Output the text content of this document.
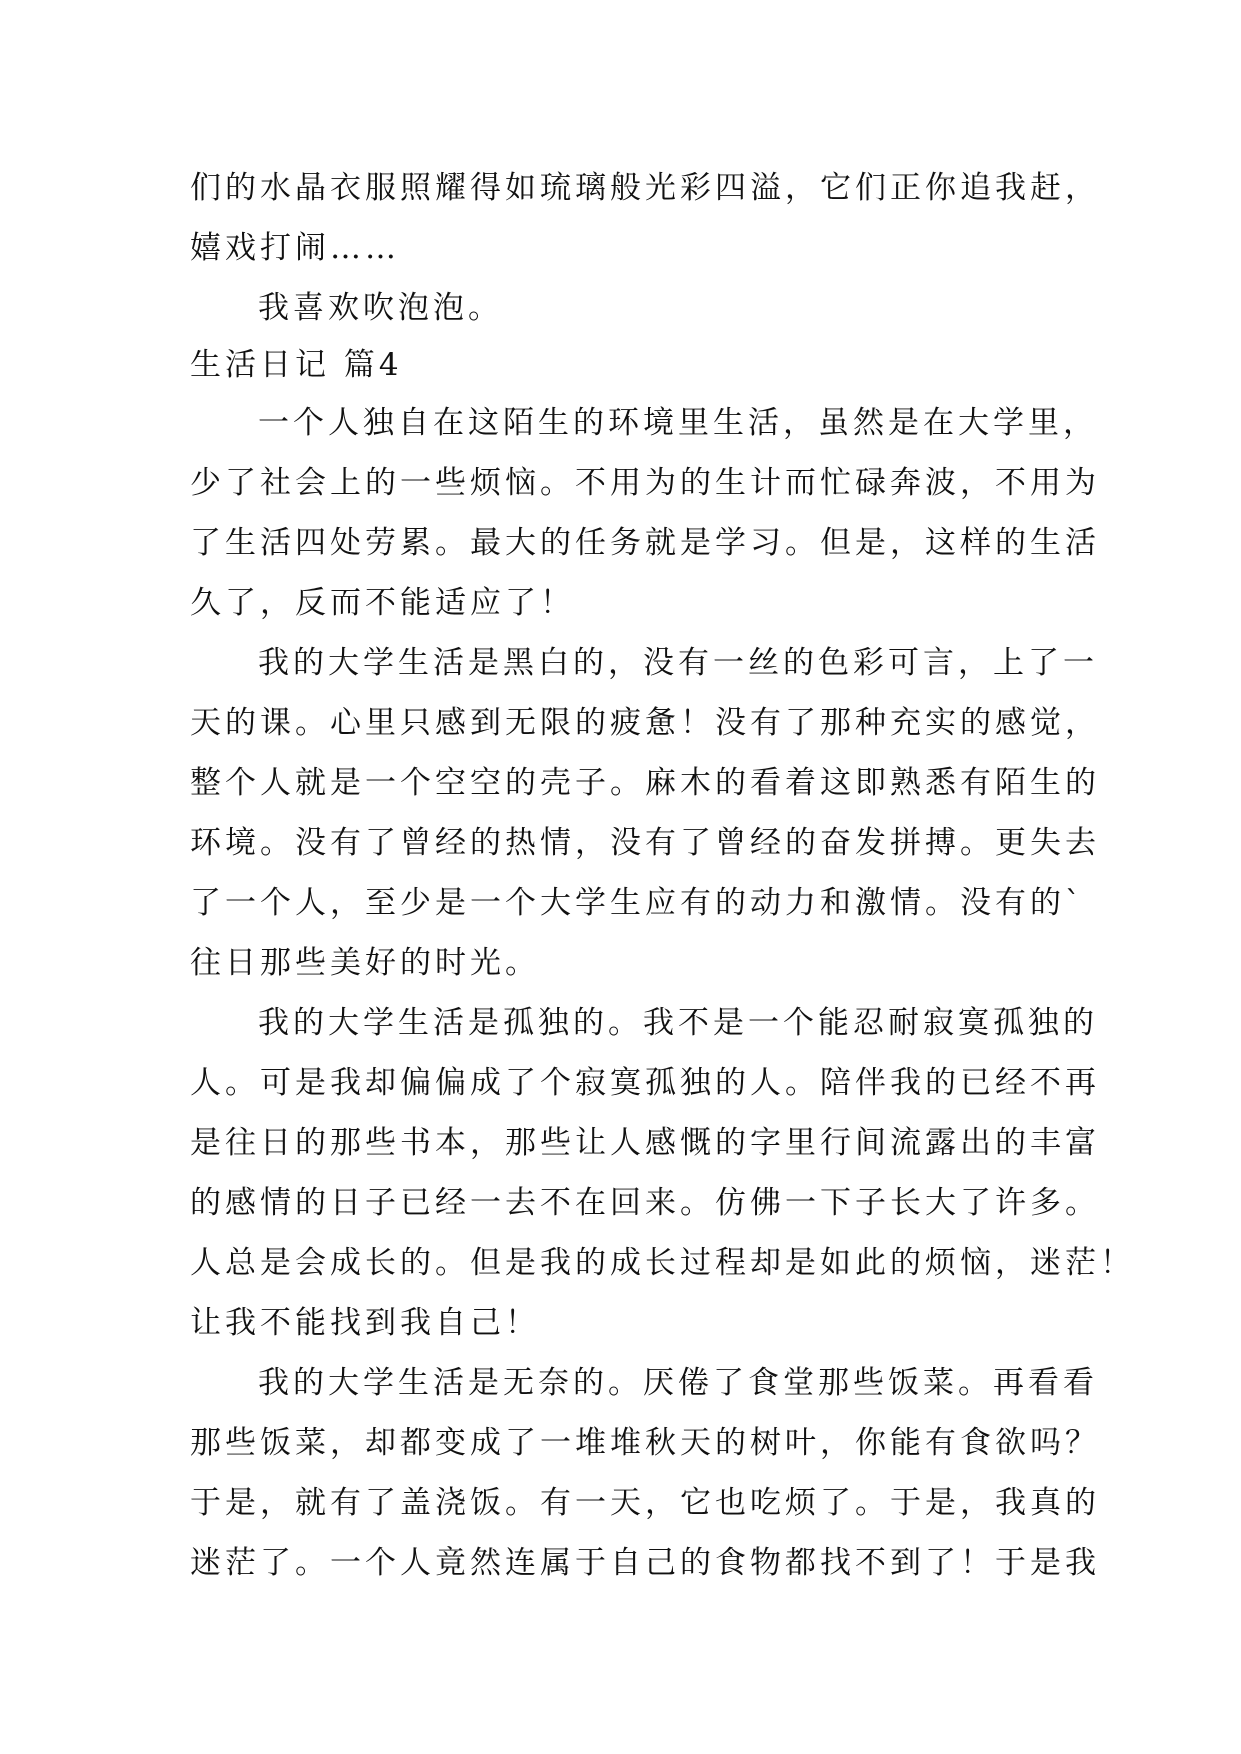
们的水晶衣服照耀得如琉璃般光彩四溢，它们正你追我赶，
嬉戏打闹……
我喜欢吹泡泡。
生活日记 篇4
一个人独自在这陌生的环境里生活，虽然是在大学里，
少了社会上的一些烦恼。不用为的生计而忙碌奔波，不用为
了生活四处劳累。最大的任务就是学习。但是，这样的生活
久了，反而不能适应了！
我的大学生活是黑白的，没有一丝的色彩可言，上了一
天的课。心里只感到无限的疲惫！没有了那种充实的感觉，
整个人就是一个空空的壳子。麻木的看着这即熟悉有陌生的
环境。没有了曾经的热情，没有了曾经的奋发拼搏。更失去
了一个人，至少是一个大学生应有的动力和激情。没有的`
往日那些美好的时光。
我的大学生活是孤独的。我不是一个能忍耐寂寞孤独的
人。可是我却偏偏成了个寂寞孤独的人。陪伴我的已经不再
是往日的那些书本，那些让人感慨的字里行间流露出的丰富
的感情的日子已经一去不在回来。仿佛一下子长大了许多。
人总是会成长的。但是我的成长过程却是如此的烦恼，迷茫！
让我不能找到我自己！
我的大学生活是无奈的。厌倦了食堂那些饭菜。再看看
那些饭菜，却都变成了一堆堆秋天的树叶，你能有食欲吗？
于是，就有了盖浇饭。有一天，它也吃烦了。于是，我真的
迷茫了。一个人竟然连属于自己的食物都找不到了！于是我
